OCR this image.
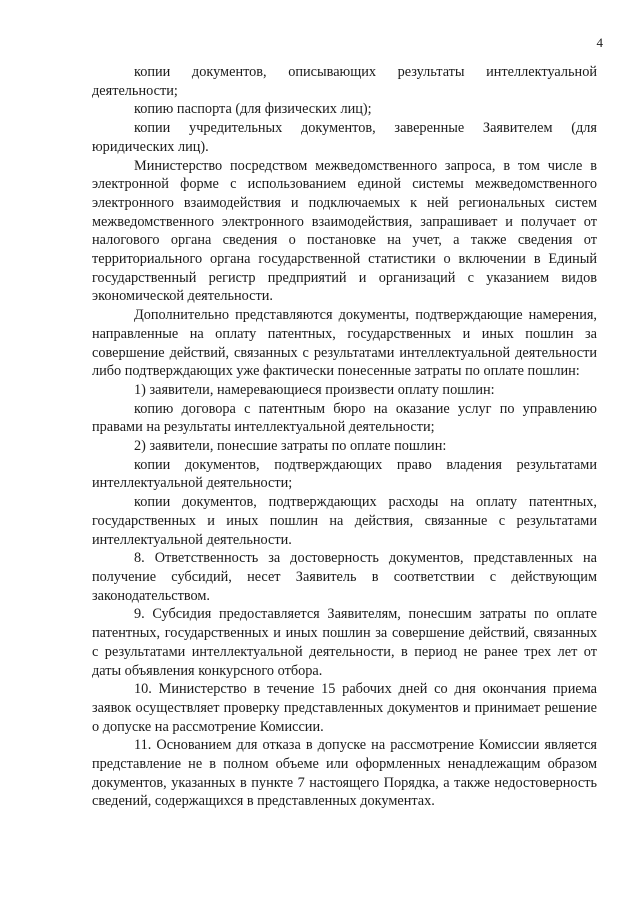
4

копии документов, описывающих результаты интеллектуальной деятельности;

копию паспорта (для физических лиц);

копии учредительных документов, заверенные Заявителем (для юридических лиц).

Министерство посредством межведомственного запроса, в том числе в электронной форме с использованием единой системы межведомственного электронного взаимодействия и подключаемых к ней региональных систем межведомственного электронного взаимодействия, запрашивает и получает от налогового органа сведения о постановке на учет, а также сведения от территориального органа государственной статистики о включении в Единый государственный регистр предприятий и организаций с указанием видов экономической деятельности.

Дополнительно представляются документы, подтверждающие намерения, направленные на оплату патентных, государственных и иных пошлин за совершение действий, связанных с результатами интеллектуальной деятельности либо подтверждающих уже фактически понесенные затраты по оплате пошлин:

1) заявители, намеревающиеся произвести оплату пошлин:

копию договора с патентным бюро на оказание услуг по управлению правами на результаты интеллектуальной деятельности;

2) заявители, понесшие затраты по оплате пошлин:

копии документов, подтверждающих право владения результатами интеллектуальной деятельности;

копии документов, подтверждающих расходы на оплату патентных, государственных и иных пошлин на действия, связанные с результатами интеллектуальной деятельности.

8. Ответственность за достоверность документов, представленных на получение субсидий, несет Заявитель в соответствии с действующим законодательством.

9. Субсидия предоставляется Заявителям, понесшим затраты по оплате патентных, государственных и иных пошлин за совершение действий, связанных с результатами интеллектуальной деятельности, в период не ранее трех лет от даты объявления конкурсного отбора.

10. Министерство в течение 15 рабочих дней со дня окончания приема заявок осуществляет проверку представленных документов и принимает решение о допуске на рассмотрение Комиссии.

11. Основанием для отказа в допуске на рассмотрение Комиссии является представление не в полном объеме или оформленных ненадлежащим образом документов, указанных в пункте 7 настоящего Порядка, а также недостоверность сведений, содержащихся в представленных документах.
